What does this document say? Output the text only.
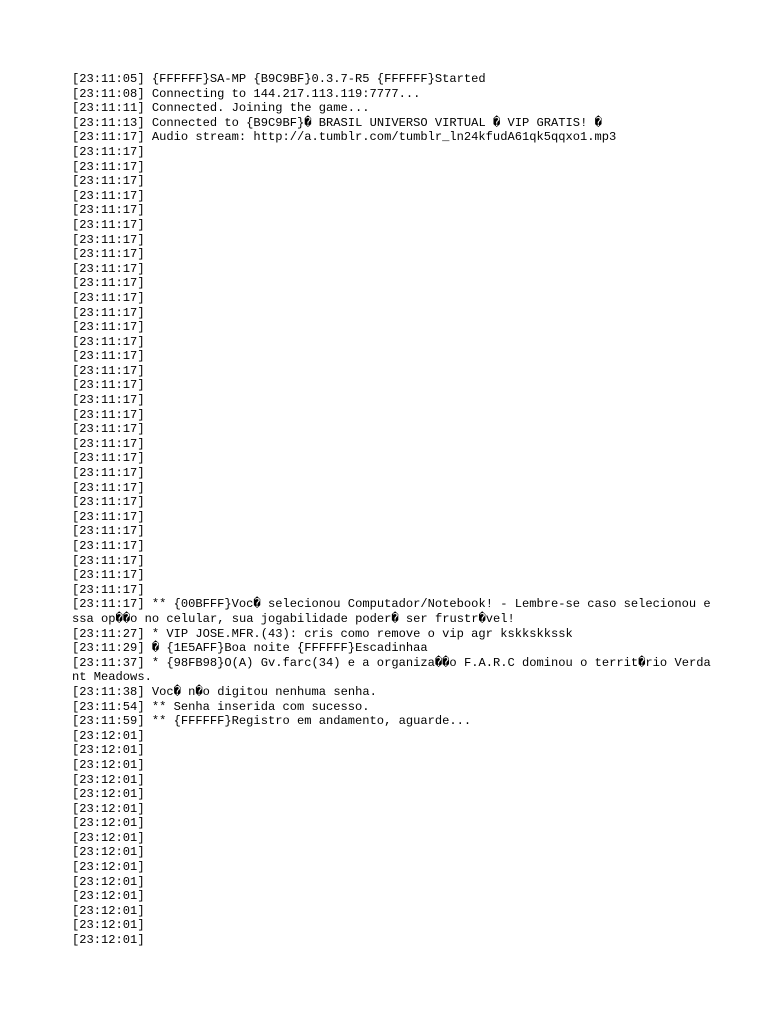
[23:11:05] {FFFFFF}SA-MP {B9C9BF}0.3.7-R5 {FFFFFF}Started
[23:11:08] Connecting to 144.217.113.119:7777...
[23:11:11] Connected. Joining the game...
[23:11:13] Connected to {B9C9BF}� BRASIL UNIVERSO VIRTUAL � VIP GRATIS! �
[23:11:17] Audio stream: http://a.tumblr.com/tumblr_ln24kfudA61qk5qqxo1.mp3
[23:11:17]
[23:11:17]
[23:11:17]
[23:11:17]
[23:11:17]
[23:11:17]
[23:11:17]
[23:11:17]
[23:11:17]
[23:11:17]
[23:11:17]
[23:11:17]
[23:11:17]
[23:11:17]
[23:11:17]
[23:11:17]
[23:11:17]
[23:11:17]
[23:11:17]
[23:11:17]
[23:11:17]
[23:11:17]
[23:11:17]
[23:11:17]
[23:11:17]
[23:11:17]
[23:11:17]
[23:11:17]
[23:11:17]
[23:11:17]
[23:11:17]
[23:11:17] ** {00BFFF}Voc� selecionou Computador/Notebook! - Lembre-se caso selecionou essa op��o no celular, sua jogabilidade poder� ser frustr�vel!
[23:11:27] * VIP JOSE.MFR.(43): cris como remove o vip agr kskkskkssk
[23:11:29] � {1E5AFF}Boa noite {FFFFFF}Escadinhaa
[23:11:37] * {98FB98}O(A) Gv.farc(34) e a organiza��o F.A.R.C dominou o territ�rio Verdant Meadows.
[23:11:38] Voc� n�o digitou nenhuma senha.
[23:11:54] ** Senha inserida com sucesso.
[23:11:59] ** {FFFFFF}Registro em andamento, aguarde...
[23:12:01]
[23:12:01]
[23:12:01]
[23:12:01]
[23:12:01]
[23:12:01]
[23:12:01]
[23:12:01]
[23:12:01]
[23:12:01]
[23:12:01]
[23:12:01]
[23:12:01]
[23:12:01]
[23:12:01]
